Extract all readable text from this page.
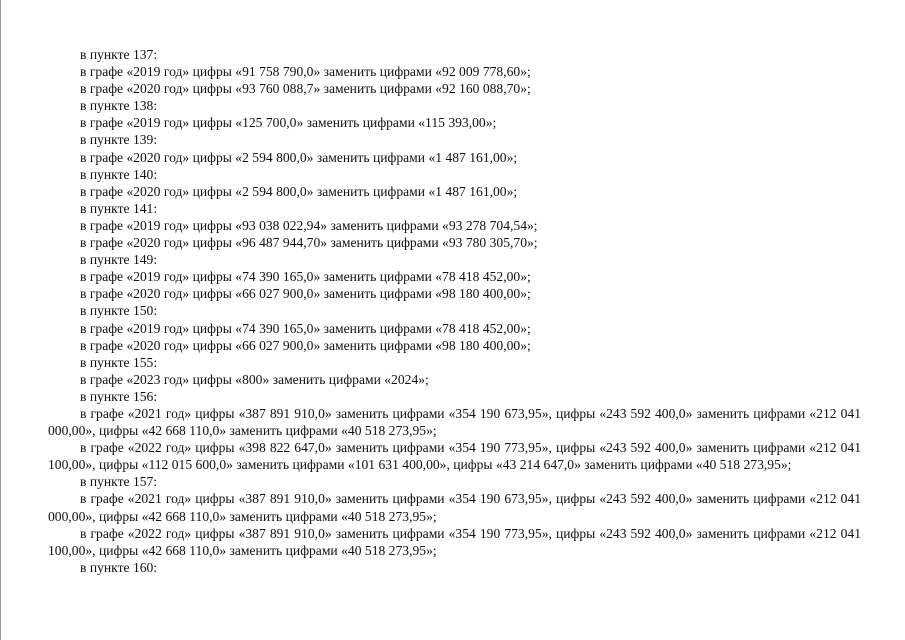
в пункте 137:
в графе «2019 год» цифры «91 758 790,0» заменить цифрами «92 009 778,60»;
в графе «2020 год» цифры «93 760 088,7» заменить цифрами «92 160 088,70»;
в пункте 138:
в графе «2019 год» цифры «125 700,0» заменить цифрами «115 393,00»;
в пункте 139:
в графе «2020 год» цифры «2 594 800,0» заменить цифрами «1 487 161,00»;
в пункте 140:
в графе «2020 год» цифры «2 594 800,0» заменить цифрами «1 487 161,00»;
в пункте 141:
в графе «2019 год» цифры «93 038 022,94» заменить цифрами «93 278 704,54»;
в графе «2020 год» цифры «96 487 944,70» заменить цифрами «93 780 305,70»;
в пункте 149:
в графе «2019 год» цифры «74 390 165,0» заменить цифрами «78 418 452,00»;
в графе «2020 год» цифры «66 027 900,0» заменить цифрами «98 180 400,00»;
в пункте 150:
в графе «2019 год» цифры «74 390 165,0» заменить цифрами «78 418 452,00»;
в графе «2020 год» цифры «66 027 900,0» заменить цифрами «98 180 400,00»;
в пункте 155:
в графе «2023 год» цифры «800» заменить цифрами «2024»;
в пункте 156:
в графе «2021 год» цифры «387 891 910,0» заменить цифрами «354 190 673,95», цифры «243 592 400,0» заменить цифрами «212 041 000,00», цифры «42 668 110,0» заменить цифрами «40 518 273,95»;
в графе «2022 год» цифры «398 822 647,0» заменить цифрами «354 190 773,95», цифры «243 592 400,0» заменить цифрами «212 041 100,00», цифры «112 015 600,0» заменить цифрами «101 631 400,00», цифры «43 214 647,0» заменить цифрами «40 518 273,95»;
в пункте 157:
в графе «2021 год» цифры «387 891 910,0» заменить цифрами «354 190 673,95», цифры «243 592 400,0» заменить цифрами «212 041 000,00», цифры «42 668 110,0» заменить цифрами «40 518 273,95»;
в графе «2022 год» цифры «387 891 910,0» заменить цифрами «354 190 773,95», цифры «243 592 400,0» заменить цифрами «212 041 100,00», цифры «42 668 110,0» заменить цифрами «40 518 273,95»;
в пункте 160:
